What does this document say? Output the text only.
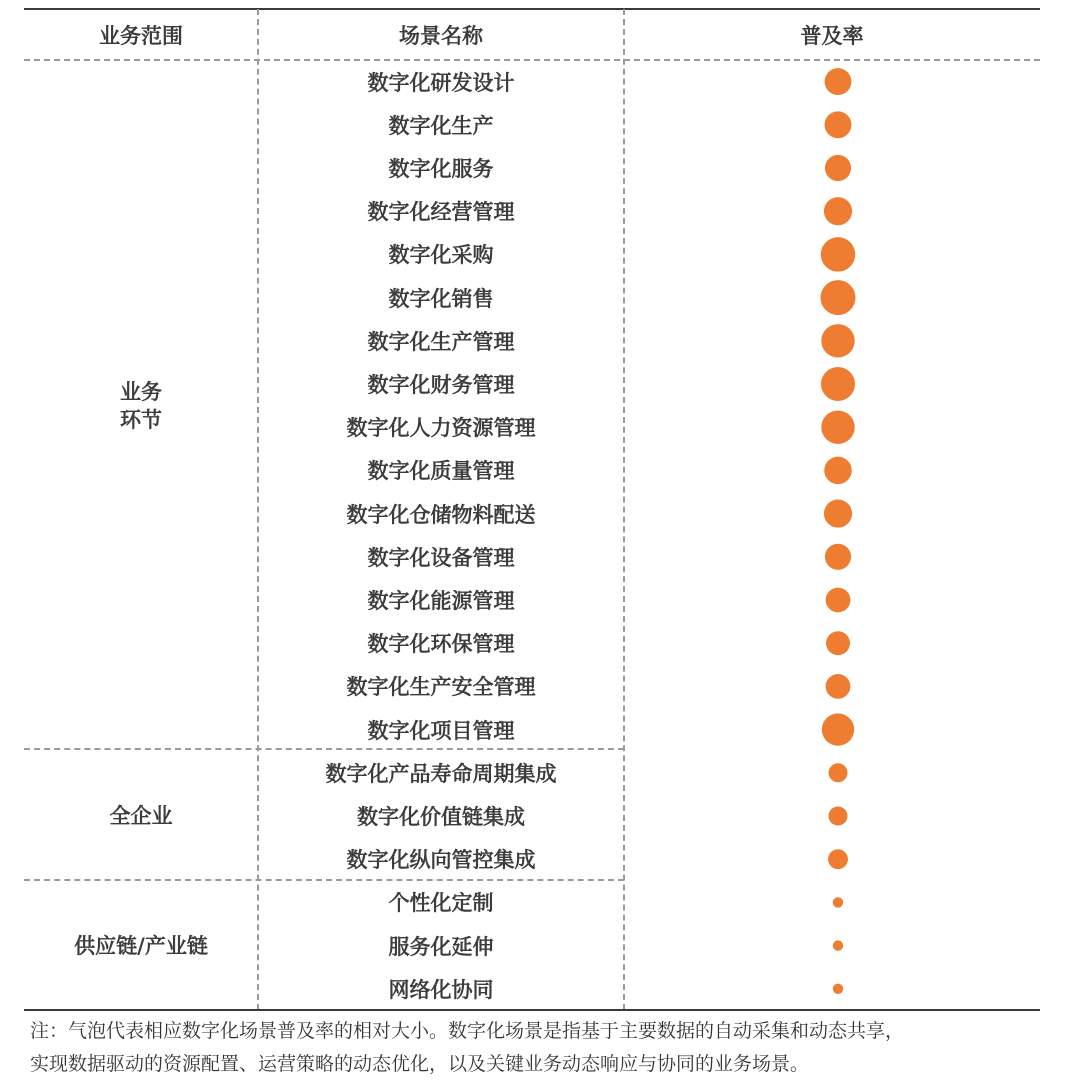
业务范围	场景名称	普及率
业务
环节
全企业
供应链/产业链
数字化研发设计
数字化生产
数字化服务
数字化经营管理
数字化采购
数字化销售
数字化生产管理
数字化财务管理
数字化人力资源管理
数字化质量管理
数字化仓储物料配送
数字化设备管理
数字化能源管理
数字化环保管理
数字化生产安全管理
数字化项目管理
数字化产品寿命周期集成
数字化价值链集成
数字化纵向管控集成
个性化定制
服务化延伸
网络化协同
注：气泡代表相应数字化场景普及率的相对大小。数字化场景是指基于主要数据的自动采集和动态共享，
实现数据驱动的资源配置、运营策略的动态优化，以及关键业务动态响应与协同的业务场景。
